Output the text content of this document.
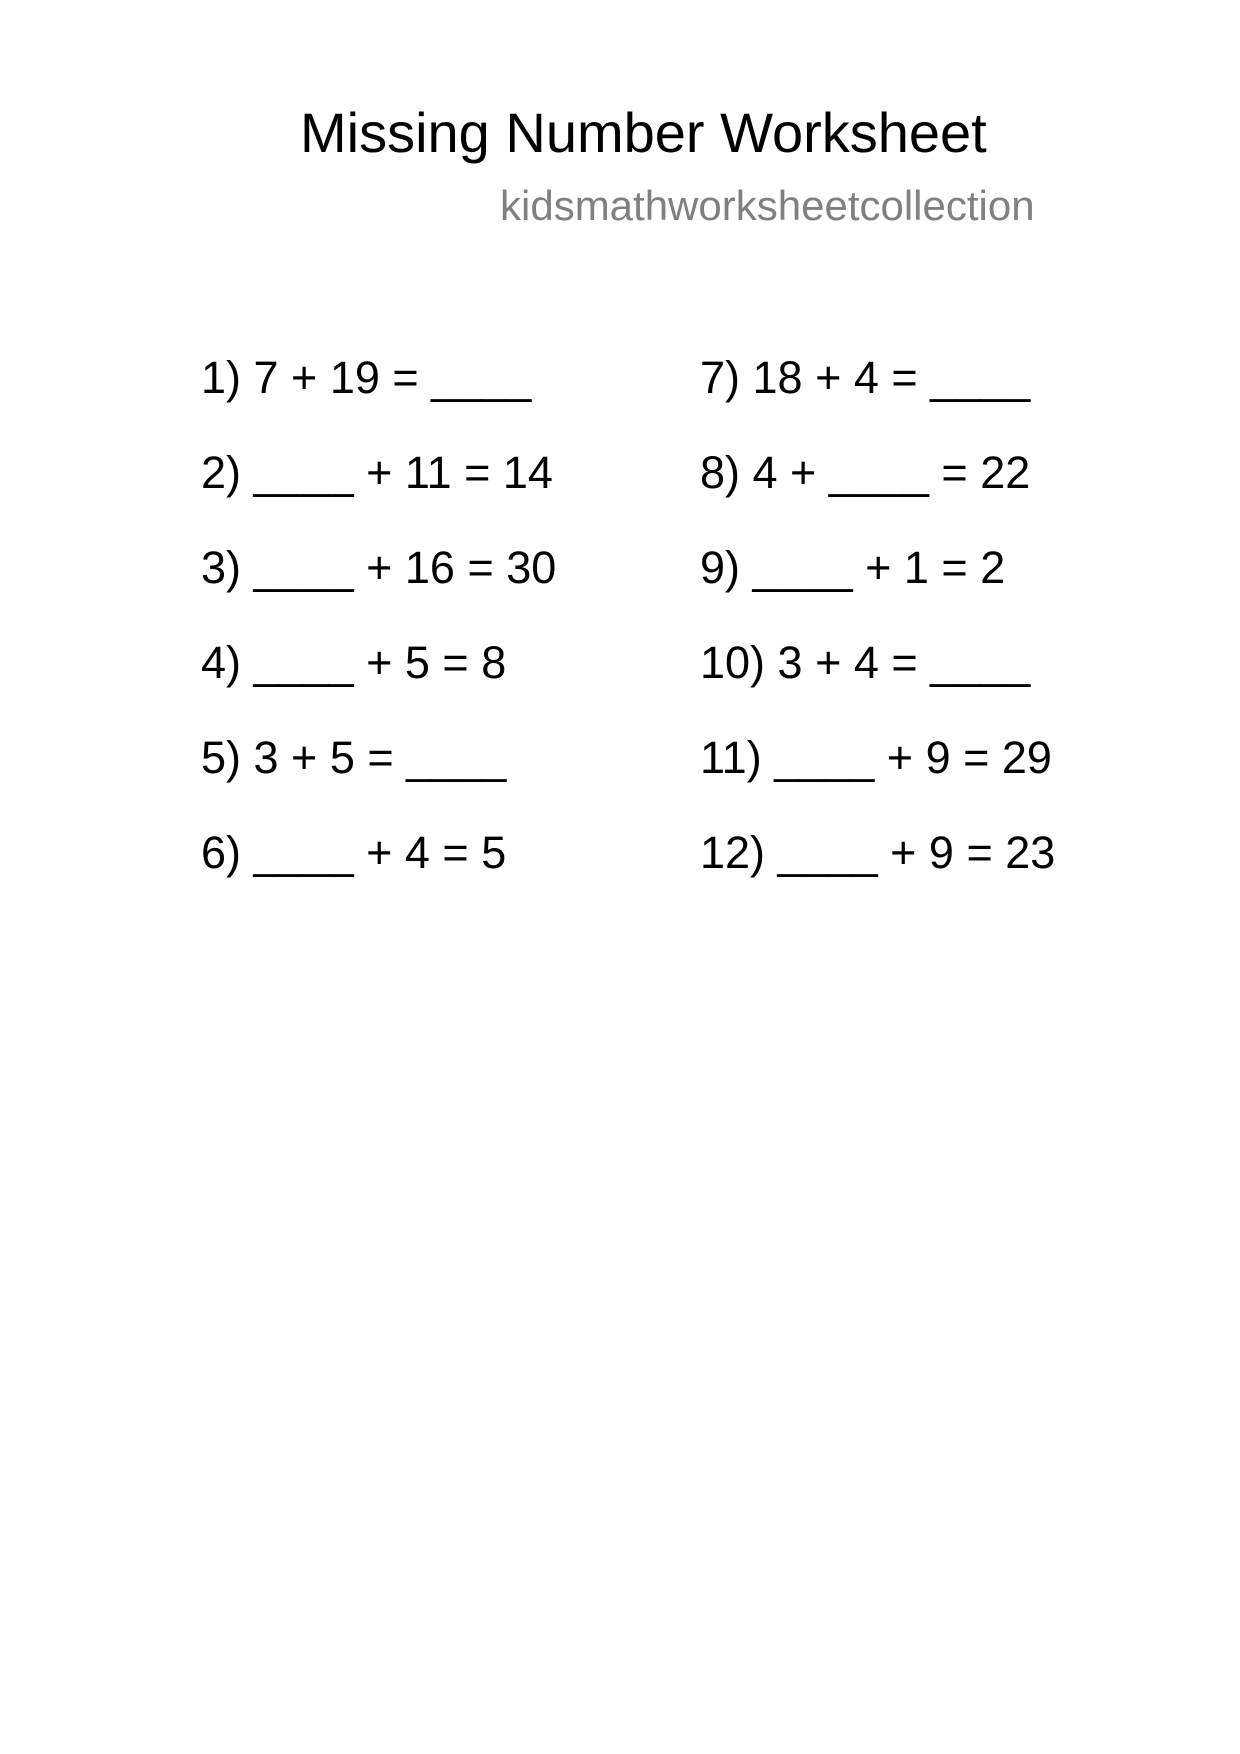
Missing Number Worksheet
kidsmathworksheetcollection
1) 7 + 19 = ____
2) ____ + 11 = 14
3) ____ + 16 = 30
4) ____ + 5 = 8
5) 3 + 5 = ____
6) ____ + 4 = 5
7) 18 + 4 = ____
8) 4 + ____ = 22
9) ____ + 1 = 2
10) 3 + 4 = ____
11) ____ + 9 = 29
12) ____ + 9 = 23
